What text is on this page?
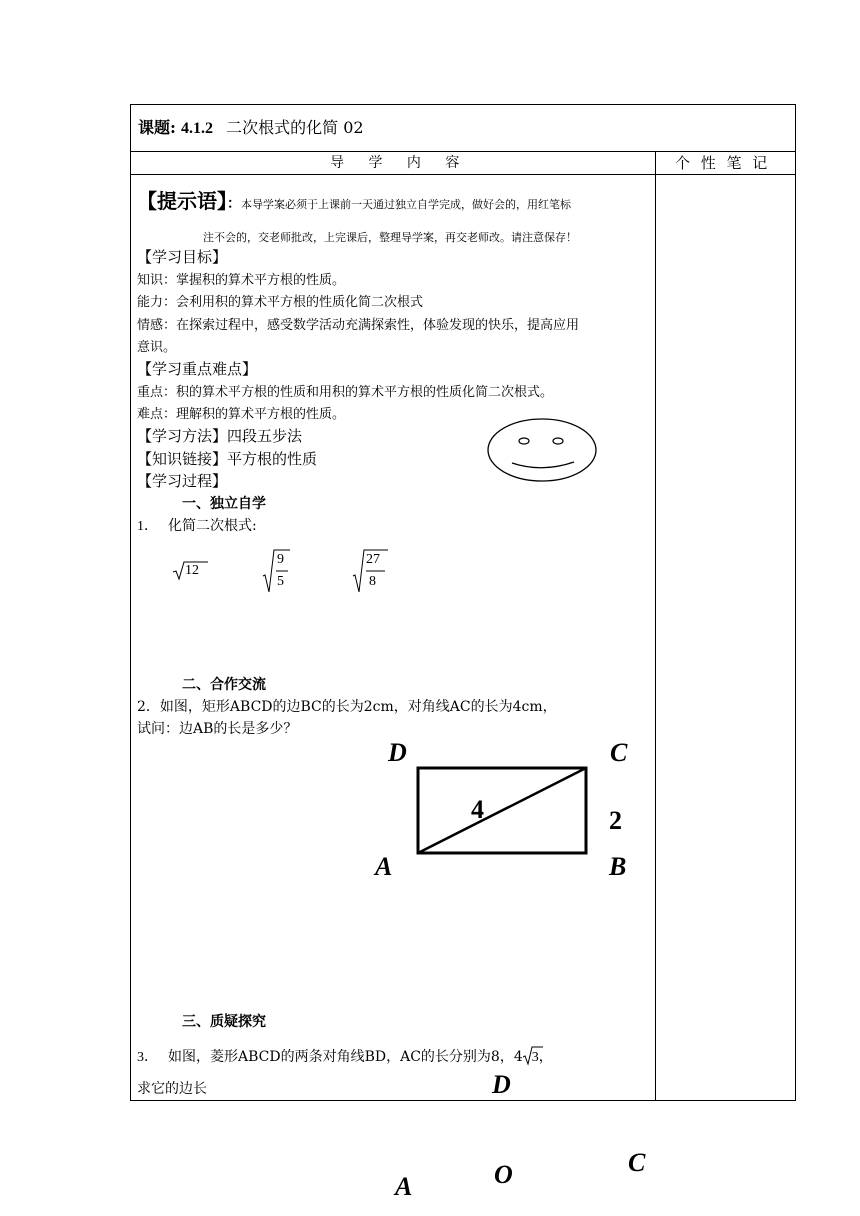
课题: 4.1.2 二次根式的化简 02
导 学 内 容	个 性 笔 记
【提示语】：本导学案必须于上课前一天通过独立自学完成，做好会的，用红笔标
注不会的，交老师批改，上完课后，整理导学案，再交老师改。请注意保存！
【学习目标】
知识：掌握积的算术平方根的性质。
能力：会利用积的算术平方根的性质化简二次根式
情感：在探索过程中，感受数学活动充满探索性，体验发现的快乐，提高应用
意识。
【学习重点难点】
重点：积的算术平方根的性质和用积的算术平方根的性质化简二次根式。
难点：理解积的算术平方根的性质。
【学习方法】四段五步法
【知识链接】平方根的性质
【学习过程】
一、独立自学
1． 化简二次根式:
12
9
5
27
8
二、合作交流
2．如图，矩形ABCD的边BC的长为2cm，对角线AC的长为4cm，
试问：边AB的长是多少？
D	C
A	B
4	2
三、质疑探究
3． 如图，菱形ABCD的两条对角线BD，AC的长分别为8，4 3，
求它的边长	D
C
O
A
